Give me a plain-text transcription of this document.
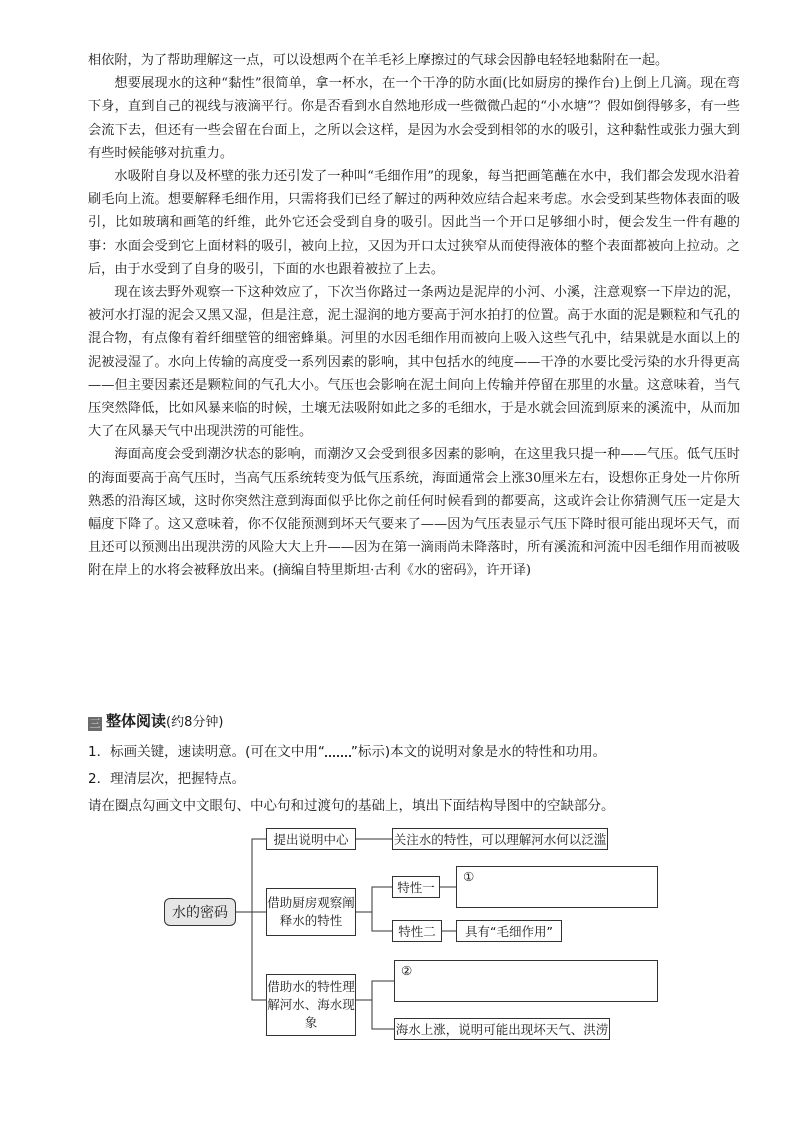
相依附，为了帮助理解这一点，可以设想两个在羊毛衫上摩擦过的气球会因静电轻轻地黏附在一起。

想要展现水的这种“黏性”很简单，拿一杯水，在一个干净的防水面(比如厨房的操作台)上倒上几滴。现在弯下身，直到自己的视线与液滴平行。你是否看到水自然地形成一些微微凸起的“小水塘”？假如倒得够多，有一些会流下去，但还有一些会留在台面上，之所以会这样，是因为水会受到相邻的水的吸引，这种黏性或张力强大到有些时候能够对抗重力。

水吸附自身以及杯壁的张力还引发了一种叫“毛细作用”的现象，每当把画笔蘸在水中，我们都会发现水沿着刷毛向上流。想要解释毛细作用，只需将我们已经了解过的两种效应结合起来考虑。水会受到某些物体表面的吸引，比如玻璃和画笔的纤维，此外它还会受到自身的吸引。因此当一个开口足够细小时，便会发生一件有趣的事：水面会受到它上面材料的吸引，被向上拉，又因为开口太过狭窄从而使得液体的整个表面都被向上拉动。之后，由于水受到了自身的吸引，下面的水也跟着被拉了上去。

现在该去野外观察一下这种效应了，下次当你路过一条两边是泥岸的小河、小溪，注意观察一下岸边的泥，被河水打湿的泥会又黑又湿，但是注意，泥土湿润的地方要高于河水拍打的位置。高于水面的泥是颗粒和气孔的混合物，有点像有着纤细壁管的细密蜂巢。河里的水因毛细作用而被向上吸入这些气孔中，结果就是水面以上的泥被浸湿了。水向上传输的高度受一系列因素的影响，其中包括水的纯度——干净的水要比受污染的水升得更高——但主要因素还是颗粒间的气孔大小。气压也会影响在泥土间向上传输并停留在那里的水量。这意味着，当气压突然降低，比如风暴来临的时候，土壤无法吸附如此之多的毛细水，于是水就会回流到原来的溪流中，从而加大了在风暴天气中出现洪涝的可能性。

海面高度会受到潮汐状态的影响，而潮汐又会受到很多因素的影响，在这里我只提一种——气压。低气压时的海面要高于高气压时，当高气压系统转变为低气压系统，海面通常会上涨30厘米左右，设想你正身处一片你所熟悉的沿海区域，这时你突然注意到海面似乎比你之前任何时候看到的都要高，这或许会让你猜测气压一定是大幅度下降了。这又意味着，你不仅能预测到坏天气要来了——因为气压表显示气压下降时很可能出现坏天气，而且还可以预测出出现洪涝的风险大大上升——因为在第一滴雨尚未降落时，所有溪流和河流中因毛细作用而被吸附在岸上的水将会被释放出来。(摘编自特里斯坦·古利《水的密码》，许开译)

三 整体阅读(约8分钟)
1．标画关键，速读明意。(可在文中用“ ”标示)本文的说明对象是水的特性和功用。
2．理清层次，把握特点。
请在圈点勾画文中文眼句、中心句和过渡句的基础上，填出下面结构导图中的空缺部分。
水的密码
提出说明中心	关注水的特性，可以理解河水何以泛滥
借助厨房观察阐释水的特性
特性一
①
特性二	具有“毛细作用”
借助水的特性理解河水、海水现象
②
海水上涨，说明可能出现坏天气、洪涝
